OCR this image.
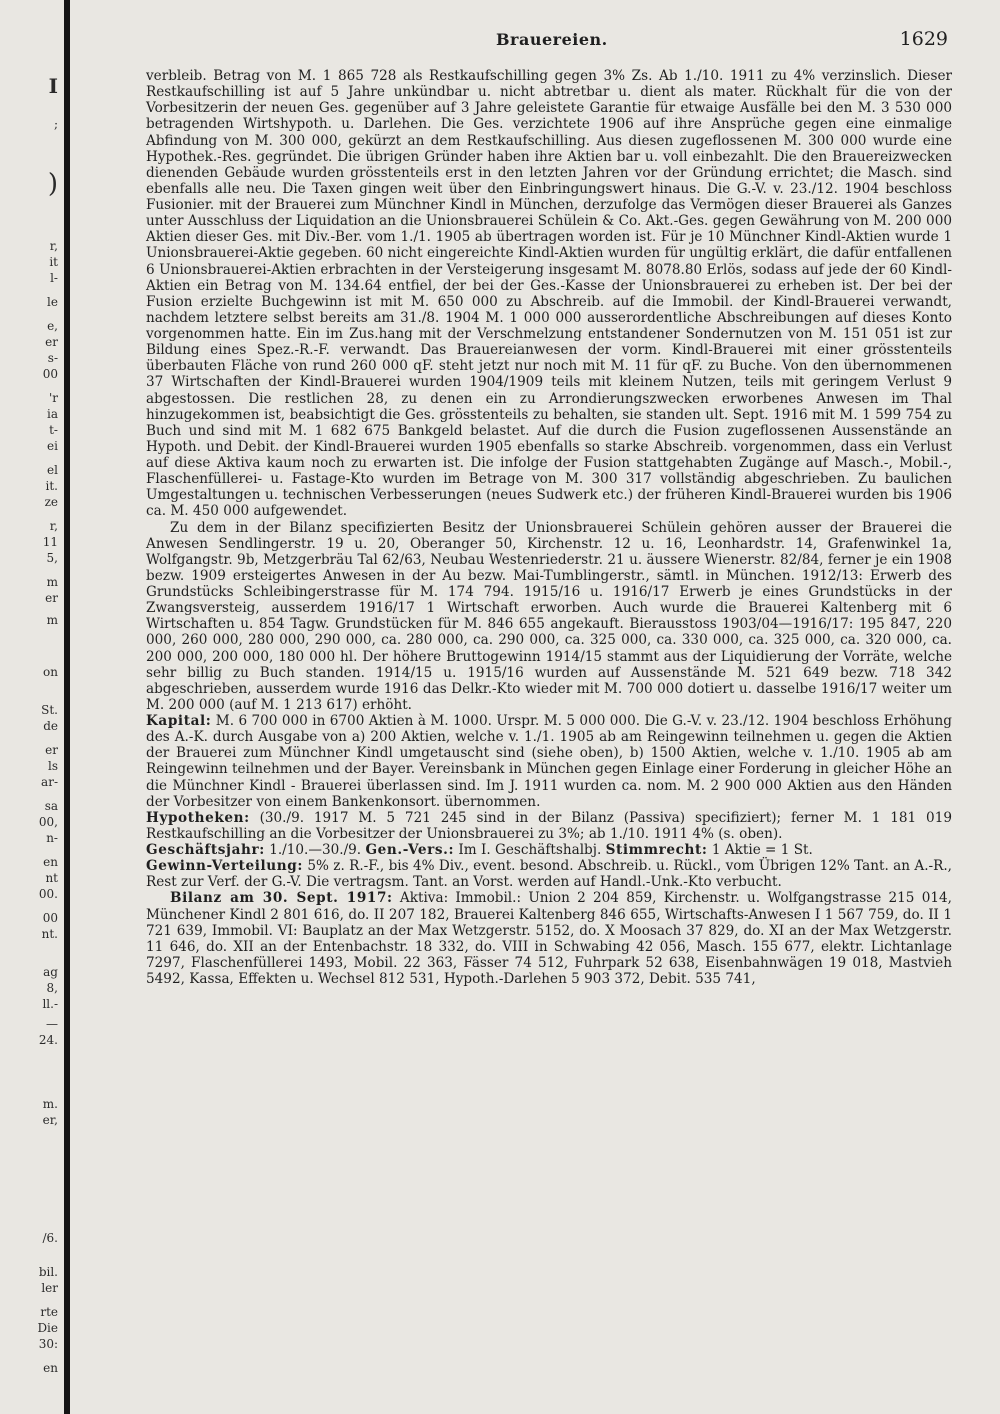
I
;
)
r,
it
l-
le
e,
er
s-
00
'r
ia
t-
ei
el
it.
ze
r,
11
5,
m
er
m
on
St.
de
er
ls
ar-
sa
00,
n-
en
nt
00.
00
nt.
ag
8,
ll.-
—
24.
m.
er,
/6.
bil.
ler
rte
Die
30:
en
Brauereien.	1629

verbleib. Betrag von M. 1 865 728 als Restkaufschilling gegen 3% Zs. Ab 1./10. 1911 zu 4% verzinslich. Dieser Restkaufschilling ist auf 5 Jahre unkündbar u. nicht abtretbar u. dient als mater. Rückhalt für die von der Vorbesitzerin der neuen Ges. gegenüber auf 3 Jahre geleistete Garantie für etwaige Ausfälle bei den M. 3 530 000 betragenden Wirtshypoth. u. Darlehen. Die Ges. verzichtete 1906 auf ihre Ansprüche gegen eine einmalige Abfindung von M. 300 000, gekürzt an dem Restkaufschilling. Aus diesen zugeflossenen M. 300 000 wurde eine Hypothek.-Res. gegründet. Die übrigen Gründer haben ihre Aktien bar u. voll einbezahlt. Die den Brauereizwecken dienenden Gebäude wurden grösstenteils erst in den letzten Jahren vor der Gründung errichtet; die Masch. sind ebenfalls alle neu. Die Taxen gingen weit über den Einbringungswert hinaus. Die G.-V. v. 23./12. 1904 beschloss Fusionier. mit der Brauerei zum Münchner Kindl in München, derzufolge das Vermögen dieser Brauerei als Ganzes unter Ausschluss der Liquidation an die Unionsbrauerei Schülein & Co. Akt.-Ges. gegen Gewährung von M. 200 000 Aktien dieser Ges. mit Div.-Ber. vom 1./1. 1905 ab übertragen worden ist. Für je 10 Münchner Kindl-Aktien wurde 1 Unionsbrauerei-Aktie gegeben. 60 nicht eingereichte Kindl-Aktien wurden für ungültig erklärt, die dafür entfallenen 6 Unionsbrauerei-Aktien erbrachten in der Versteigerung insgesamt M. 8078.80 Erlös, sodass auf jede der 60 Kindl-Aktien ein Betrag von M. 134.64 entfiel, der bei der Ges.-Kasse der Unionsbrauerei zu erheben ist. Der bei der Fusion erzielte Buchgewinn ist mit M. 650 000 zu Abschreib. auf die Immobil. der Kindl-Brauerei verwandt, nachdem letztere selbst bereits am 31./8. 1904 M. 1 000 000 ausserordentliche Abschreibungen auf dieses Konto vorgenommen hatte. Ein im Zus.hang mit der Verschmelzung entstandener Sondernutzen von M. 151 051 ist zur Bildung eines Spez.-R.-F. verwandt. Das Brauereianwesen der vorm. Kindl-Brauerei mit einer grösstenteils überbauten Fläche von rund 260 000 qF. steht jetzt nur noch mit M. 11 für qF. zu Buche. Von den übernommenen 37 Wirtschaften der Kindl-Brauerei wurden 1904/1909 teils mit kleinem Nutzen, teils mit geringem Verlust 9 abgestossen. Die restlichen 28, zu denen ein zu Arrondierungszwecken erworbenes Anwesen im Thal hinzugekommen ist, beabsichtigt die Ges. grösstenteils zu behalten, sie standen ult. Sept. 1916 mit M. 1 599 754 zu Buch und sind mit M. 1 682 675 Bankgeld belastet. Auf die durch die Fusion zugeflossenen Aussenstände an Hypoth. und Debit. der Kindl-Brauerei wurden 1905 ebenfalls so starke Abschreib. vorgenommen, dass ein Verlust auf diese Aktiva kaum noch zu erwarten ist. Die infolge der Fusion stattgehabten Zugänge auf Masch.-, Mobil.-, Flaschenfüllerei- u. Fastage-Kto wurden im Betrage von M. 300 317 vollständig abgeschrieben. Zu baulichen Umgestaltungen u. technischen Verbesserungen (neues Sudwerk etc.) der früheren Kindl-Brauerei wurden bis 1906 ca. M. 450 000 aufgewendet.

Zu dem in der Bilanz specifizierten Besitz der Unionsbrauerei Schülein gehören ausser der Brauerei die Anwesen Sendlingerstr. 19 u. 20, Oberanger 50, Kirchenstr. 12 u. 16, Leonhardstr. 14, Grafenwinkel 1a, Wolfgangstr. 9b, Metzgerbräu Tal 62/63, Neubau Westenriederstr. 21 u. äussere Wienerstr. 82/84, ferner je ein 1908 bezw. 1909 ersteigertes Anwesen in der Au bezw. Mai-Tumblingerstr., sämtl. in München. 1912/13: Erwerb des Grundstücks Schleibingerstrasse für M. 174 794. 1915/16 u. 1916/17 Erwerb je eines Grundstücks in der Zwangsversteig, ausserdem 1916/17 1 Wirtschaft erworben. Auch wurde die Brauerei Kaltenberg mit 6 Wirtschaften u. 854 Tagw. Grundstücken für M. 846 655 angekauft. Bierausstoss 1903/04—1916/17: 195 847, 220 000, 260 000, 280 000, 290 000, ca. 280 000, ca. 290 000, ca. 325 000, ca. 330 000, ca. 325 000, ca. 320 000, ca. 200 000, 200 000, 180 000 hl. Der höhere Bruttogewinn 1914/15 stammt aus der Liquidierung der Vorräte, welche sehr billig zu Buch standen. 1914/15 u. 1915/16 wurden auf Aussenstände M. 521 649 bezw. 718 342 abgeschrieben, ausserdem wurde 1916 das Delkr.-Kto wieder mit M. 700 000 dotiert u. dasselbe 1916/17 weiter um M. 200 000 (auf M. 1 213 617) erhöht.

Kapital: M. 6 700 000 in 6700 Aktien à M. 1000. Urspr. M. 5 000 000. Die G.-V. v. 23./12. 1904 beschloss Erhöhung des A.-K. durch Ausgabe von a) 200 Aktien, welche v. 1./1. 1905 ab am Reingewinn teilnehmen u. gegen die Aktien der Brauerei zum Münchner Kindl umgetauscht sind (siehe oben), b) 1500 Aktien, welche v. 1./10. 1905 ab am Reingewinn teilnehmen und der Bayer. Vereinsbank in München gegen Einlage einer Forderung in gleicher Höhe an die Münchner Kindl - Brauerei überlassen sind. Im J. 1911 wurden ca. nom. M. 2 900 000 Aktien aus den Händen der Vorbesitzer von einem Bankenkonsort. übernommen.

Hypotheken: (30./9. 1917 M. 5 721 245 sind in der Bilanz (Passiva) specifiziert); ferner M. 1 181 019 Restkaufschilling an die Vorbesitzer der Unionsbrauerei zu 3%; ab 1./10. 1911 4% (s. oben).

Geschäftsjahr: 1./10.—30./9. Gen.-Vers.: Im I. Geschäftshalbj. Stimmrecht: 1 Aktie = 1 St.

Gewinn-Verteilung: 5% z. R.-F., bis 4% Div., event. besond. Abschreib. u. Rückl., vom Übrigen 12% Tant. an A.-R., Rest zur Verf. der G.-V. Die vertragsm. Tant. an Vorst. werden auf Handl.-Unk.-Kto verbucht.

Bilanz am 30. Sept. 1917: Aktiva: Immobil.: Union 2 204 859, Kirchenstr. u. Wolfgangstrasse 215 014, Münchener Kindl 2 801 616, do. II 207 182, Brauerei Kaltenberg 846 655, Wirtschafts-Anwesen I 1 567 759, do. II 1 721 639, Immobil. VI: Bauplatz an der Max Wetzgerstr. 5152, do. X Moosach 37 829, do. XI an der Max Wetzgerstr. 11 646, do. XII an der Entenbachstr. 18 332, do. VIII in Schwabing 42 056, Masch. 155 677, elektr. Lichtanlage 7297, Flaschenfüllerei 1493, Mobil. 22 363, Fässer 74 512, Fuhrpark 52 638, Eisenbahnwägen 19 018, Mastvieh 5492, Kassa, Effekten u. Wechsel 812 531, Hypoth.-Darlehen 5 903 372, Debit. 535 741,
